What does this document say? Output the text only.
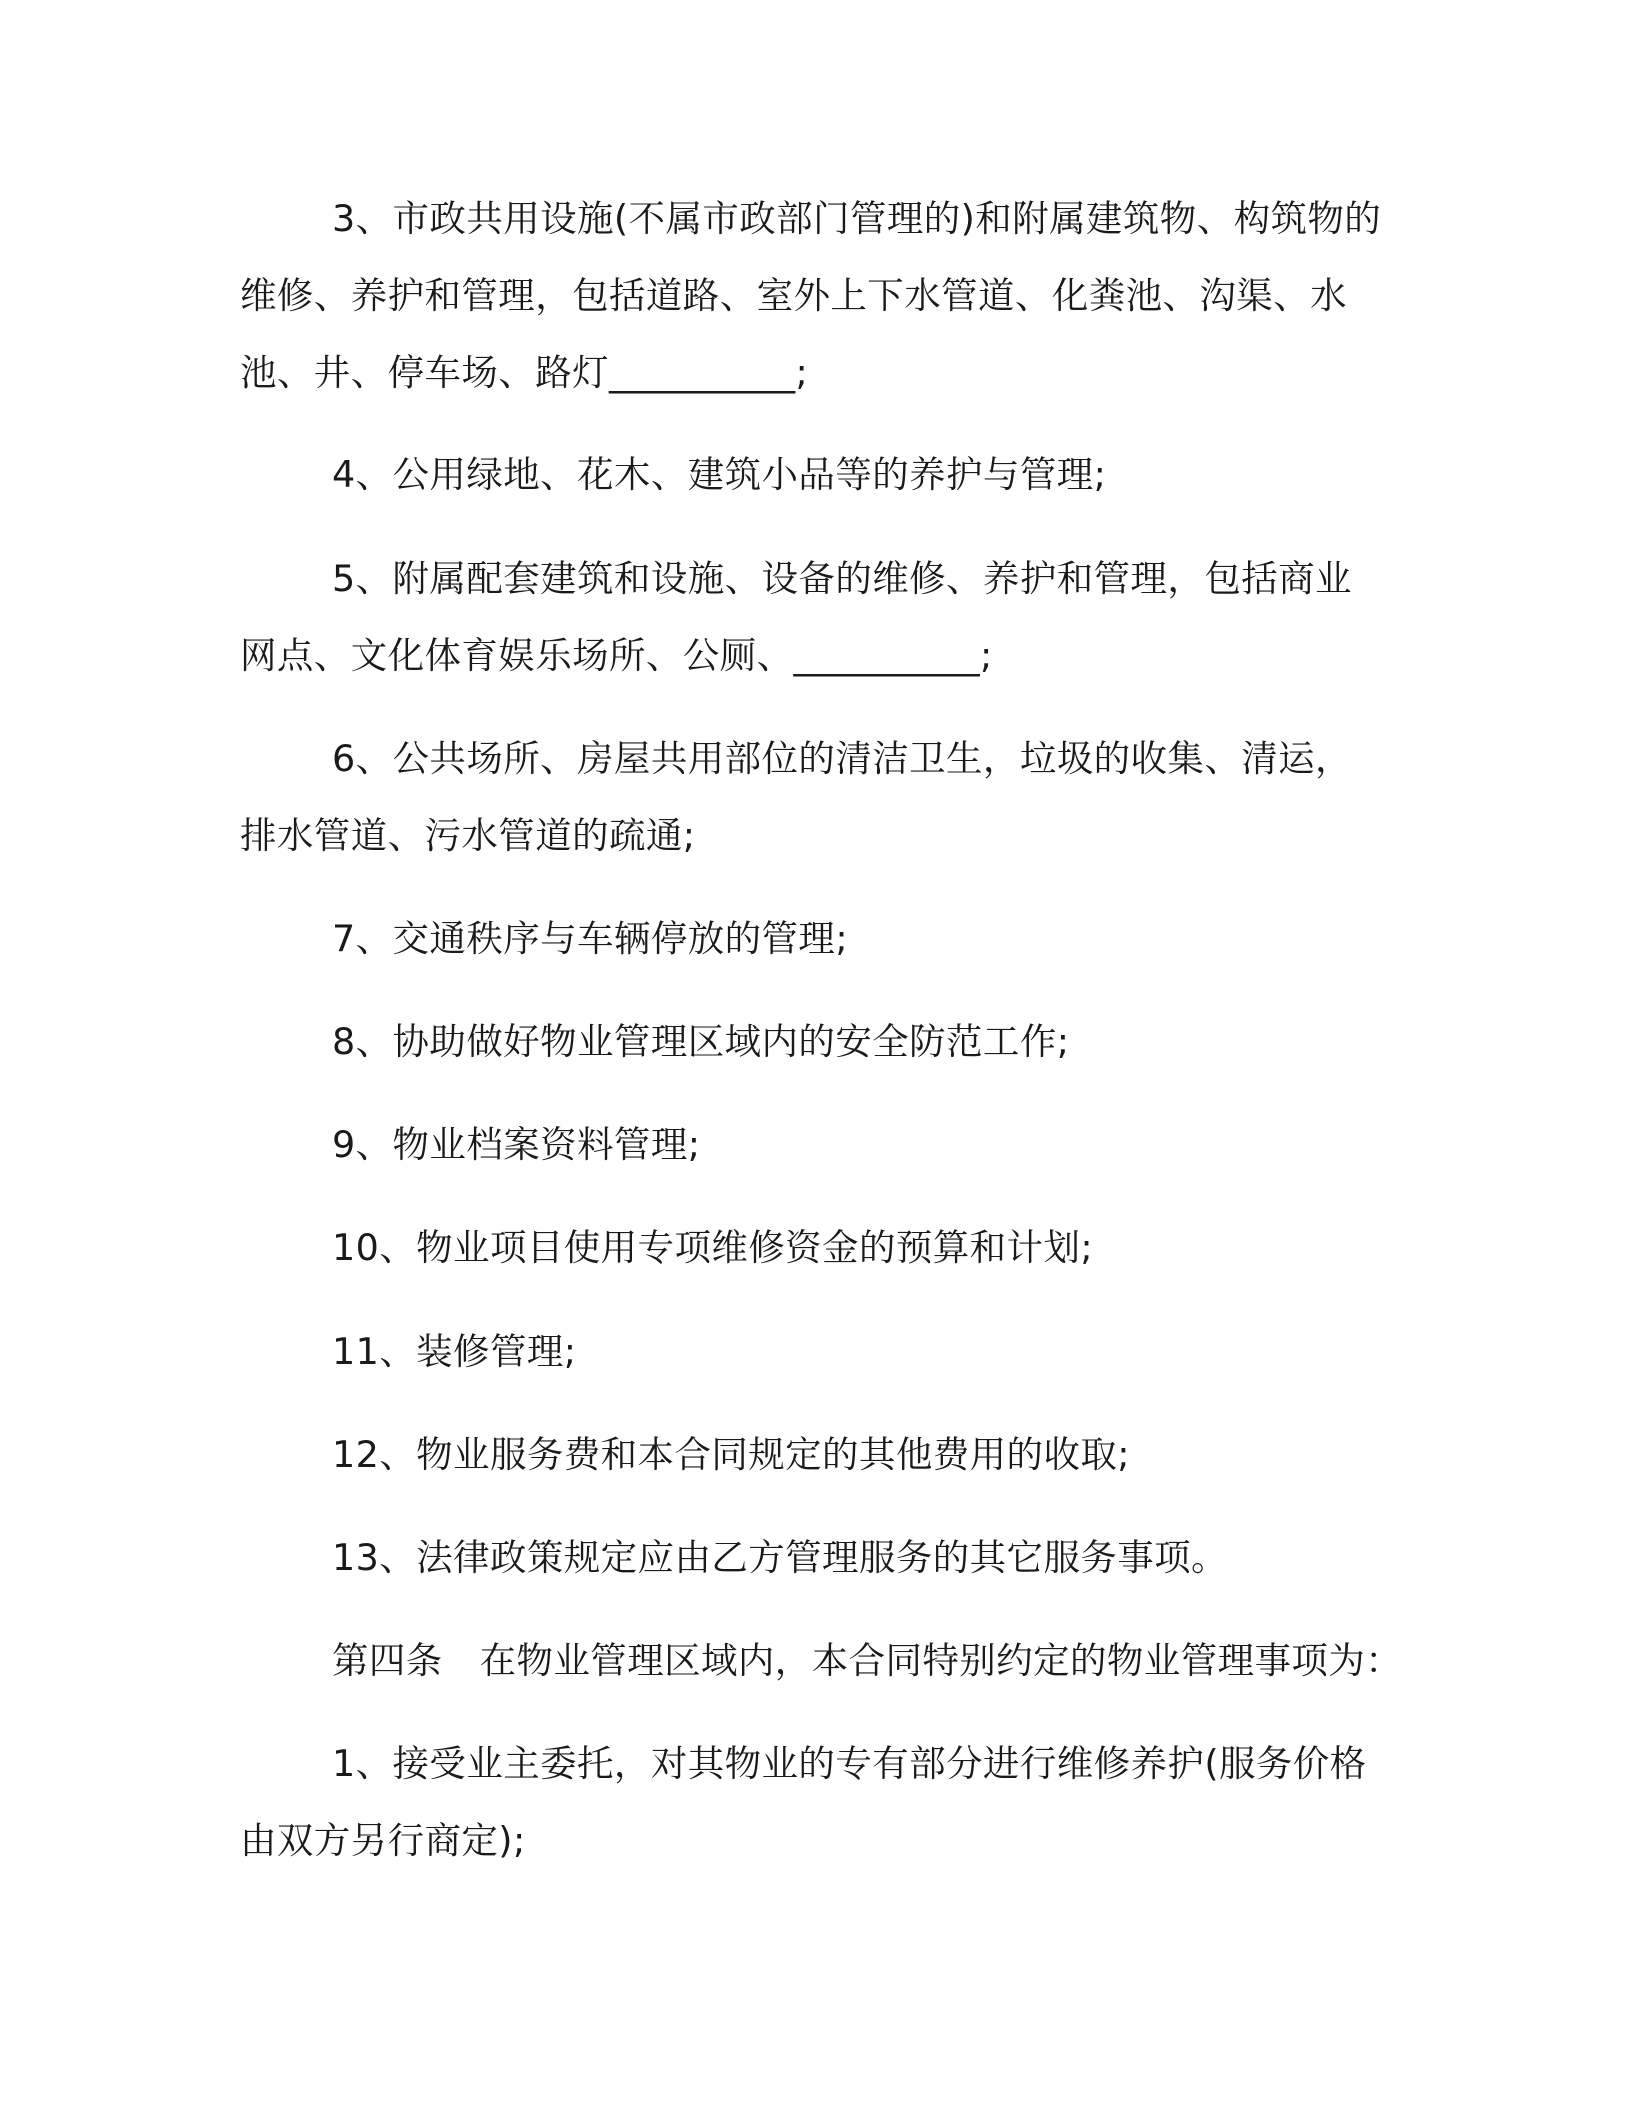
3、市政共用设施(不属市政部门管理的)和附属建筑物、构筑物的
维修、养护和管理，包括道路、室外上下水管道、化粪池、沟渠、水
池、井、停车场、路灯__________;

4、公用绿地、花木、建筑小品等的养护与管理;

5、附属配套建筑和设施、设备的维修、养护和管理，包括商业
网点、文化体育娱乐场所、公厕、__________;

6、公共场所、房屋共用部位的清洁卫生，垃圾的收集、清运，
排水管道、污水管道的疏通;

7、交通秩序与车辆停放的管理;

8、协助做好物业管理区域内的安全防范工作;

9、物业档案资料管理;

10、物业项目使用专项维修资金的预算和计划;

11、装修管理;

12、物业服务费和本合同规定的其他费用的收取;

13、法律政策规定应由乙方管理服务的其它服务事项。

第四条　在物业管理区域内，本合同特别约定的物业管理事项为：

1、接受业主委托，对其物业的专有部分进行维修养护(服务价格
由双方另行商定);
